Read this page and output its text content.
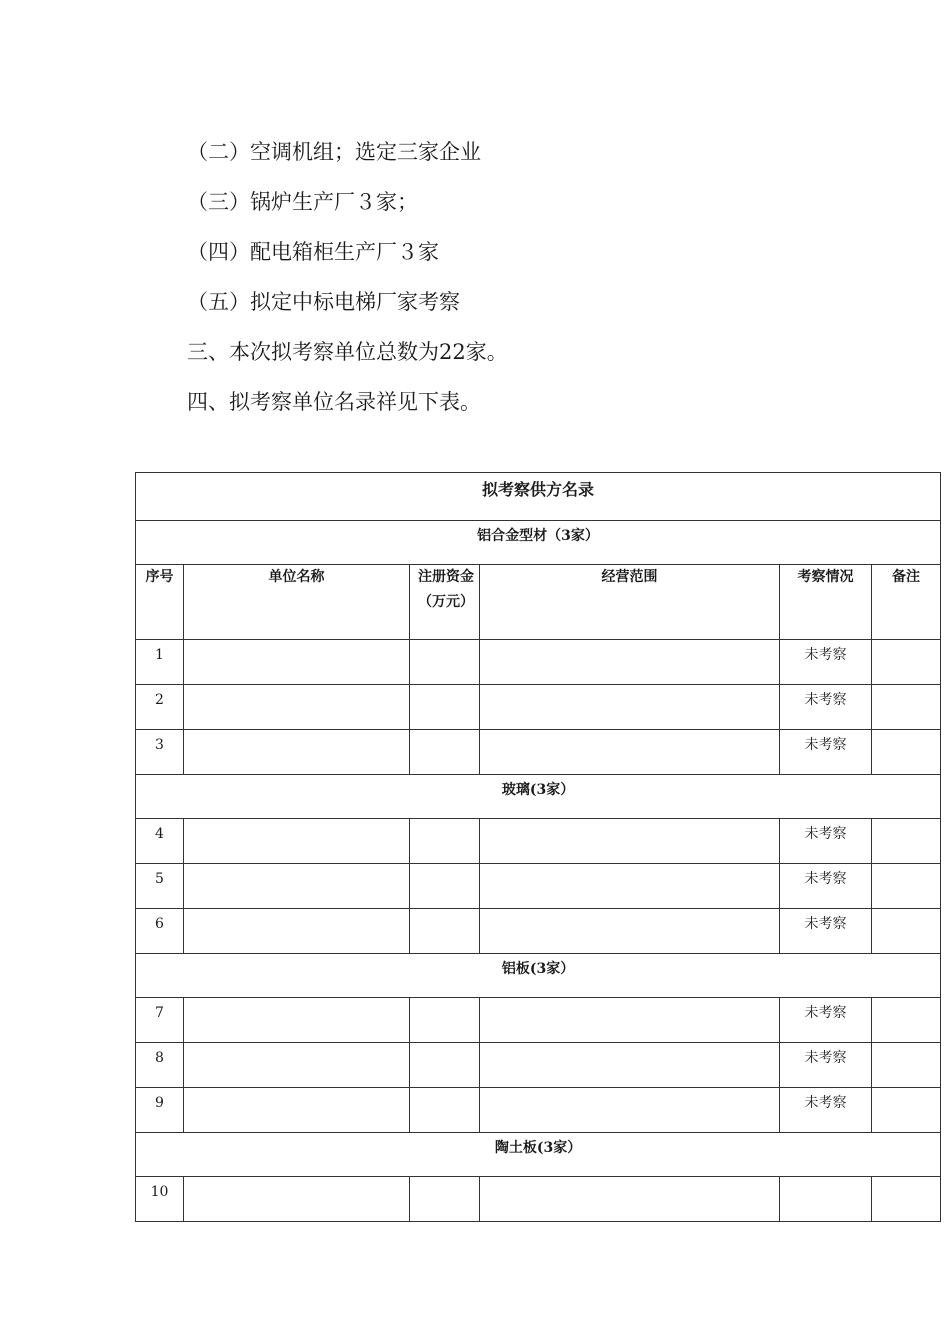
（二）空调机组；选定三家企业
（三）锅炉生产厂３家；
（四）配电箱柜生产厂３家
（五）拟定中标电梯厂家考察
三、本次拟考察单位总数为22家。
四、拟考察单位名录祥见下表。
拟考察供方名录					
铝合金型材（3家）					
序号	单位名称	注册资金（万元）	经营范围	考察情况	备注
1				未考察	
2				未考察	
3				未考察	
玻璃(3家）					
4				未考察	
5				未考察	
6				未考察	
铝板(3家）					
7				未考察	
8				未考察	
9				未考察	
陶土板(3家）					
10					
